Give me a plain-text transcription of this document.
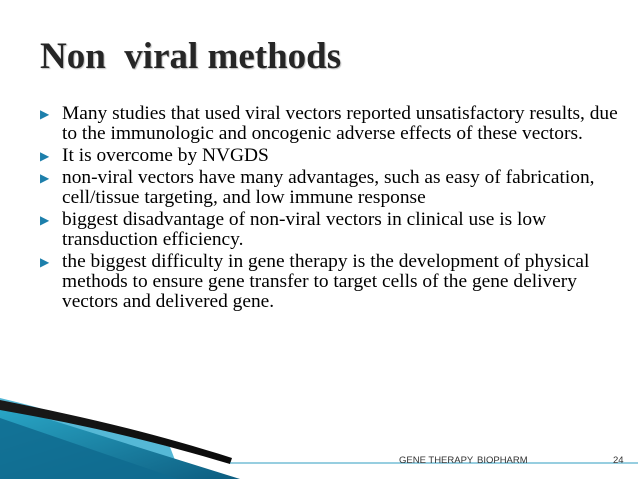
Non  viral methods
▶ Many studies that used viral vectors reported unsatisfactory results, due to the immunologic and oncogenic adverse effects of these vectors.
▶ It is overcome by NVGDS
▶ non-viral vectors have many advantages, such as easy of fabrication, cell/tissue targeting, and low immune response
▶ biggest disadvantage of non-viral vectors in clinical use is low transduction efficiency.
▶ the biggest difficulty in gene therapy is the development of physical methods to ensure gene transfer to target cells of the gene delivery vectors and delivered gene.
GENE THERAPY BIOPHARM	24
